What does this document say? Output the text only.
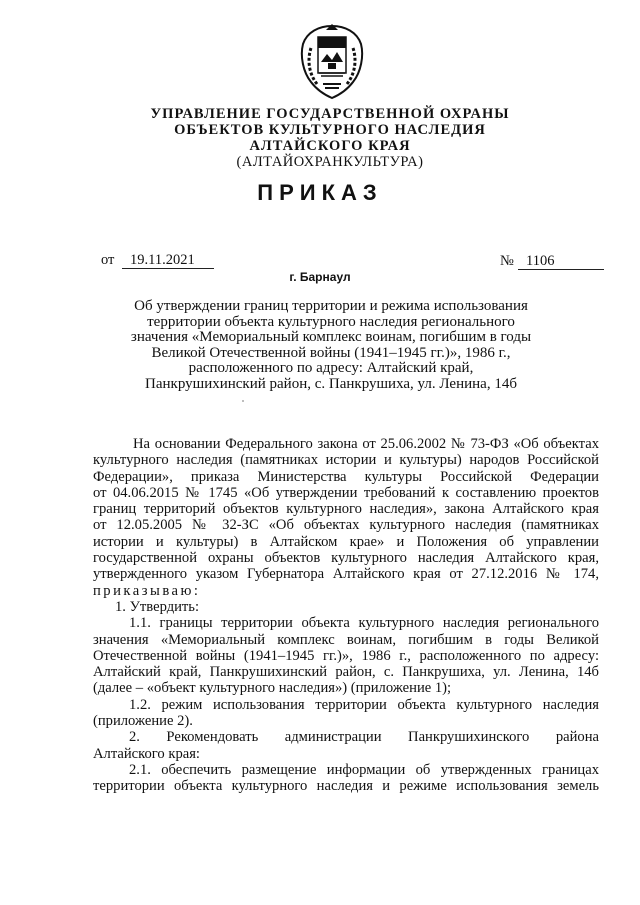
УПРАВЛЕНИЕ ГОСУДАРСТВЕННОЙ ОХРАНЫ
ОБЪЕКТОВ КУЛЬТУРНОГО НАСЛЕДИЯ
АЛТАЙСКОГО КРАЯ
(АЛТАЙОХРАНКУЛЬТУРА)
ПРИКАЗ
от	19.11.2021	№ 1106
г. Барнаул
Об утверждении границ территории и режима использования
территории объекта культурного наследия регионального
значения «Мемориальный комплекс воинам, погибшим в годы
Великой Отечественной войны (1941–1945 гг.)», 1986 г.,
расположенного по адресу: Алтайский край,
Панкрушихинский район, с. Панкрушиха, ул. Ленина, 14б
На основании Федерального закона от 25.06.2002 № 73-ФЗ «Об объектах
культурного наследия (памятниках истории и культуры) народов Российской
Федерации», приказа Министерства культуры Российской Федерации
от 04.06.2015 № 1745 «Об утверждении требований к составлению проектов
границ территорий объектов культурного наследия», закона Алтайского края
от 12.05.2005 № 32-ЗС «Об объектах культурного наследия (памятниках
истории и культуры) в Алтайском крае» и Положения об управлении
государственной охраны объектов культурного наследия Алтайского края,
утвержденного указом Губернатора Алтайского края от 27.12.2016 № 174,
приказываю:
1. Утвердить:
1.1. границы территории объекта культурного наследия регионального
значения «Мемориальный комплекс воинам, погибшим в годы Великой
Отечественной войны (1941–1945 гг.)», 1986 г., расположенного по адресу:
Алтайский край, Панкрушихинский район, с. Панкрушиха, ул. Ленина, 14б
(далее – «объект культурного наследия») (приложение 1);
1.2. режим использования территории объекта культурного наследия
(приложение 2).
2. Рекомендовать администрации Панкрушихинского района
Алтайского края:
2.1. обеспечить размещение информации об утвержденных границах
территории объекта культурного наследия и режиме использования земель
